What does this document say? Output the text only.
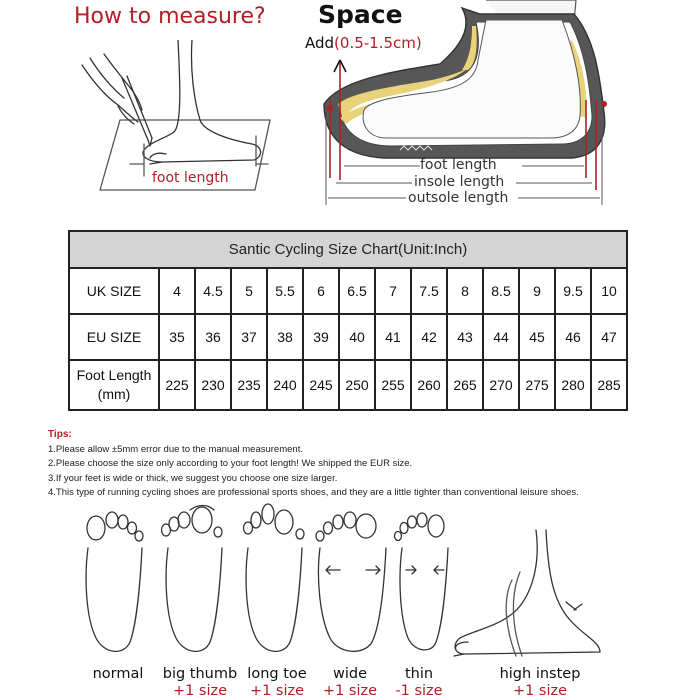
How to measure? Space
Add(0.5-1.5cm)
foot length
foot length
insole length
outsole length
Santic Cycling Size Chart(Unit:Inch)													
UK SIZE	4	4.5	5	5.5	6	6.5	7	7.5	8	8.5	9	9.5	10
EU SIZE	35	36	37	38	39	40	41	42	43	44	45	46	47
Foot Length
(mm)	225	230	235	240	245	250	255	260	265	270	275	280	285
Tips:
1.Please allow ±5mm error due to the manual measurement.
2.Please choose the size only according to your foot length! We shipped the EUR size.
3.If your feet is wide or thick, we suggest you choose one size larger.
4.This type of running cycling shoes are professional sports shoes, and they are a little tighter than conventional leisure shoes.
normal	big thumb
+1 size
long toe
+1 size
wide
+1 size
thin
-1 size
high instep
+1 size
